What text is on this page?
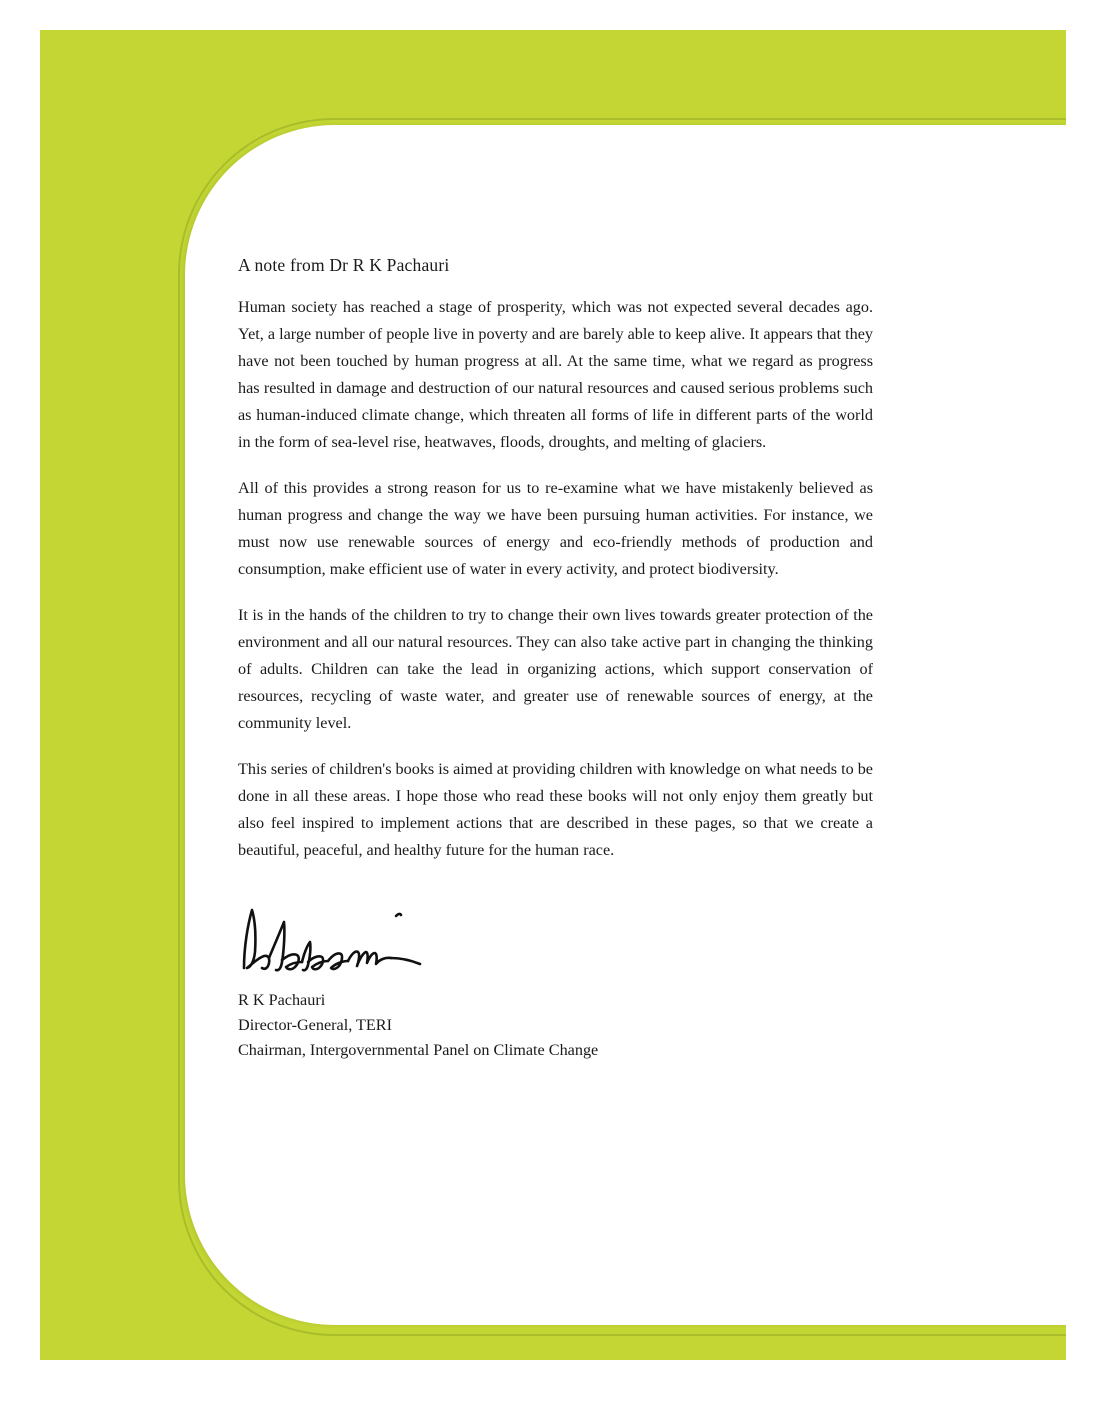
A note from Dr R K Pachauri

Human society has reached a stage of prosperity, which was not expected several decades ago. Yet, a large number of people live in poverty and are barely able to keep alive. It appears that they have not been touched by human progress at all. At the same time, what we regard as progress has resulted in damage and destruction of our natural resources and caused serious problems such as human-induced climate change, which threaten all forms of life in different parts of the world in the form of sea-level rise, heatwaves, floods, droughts, and melting of glaciers.

All of this provides a strong reason for us to re-examine what we have mistakenly believed as human progress and change the way we have been pursuing human activities. For instance, we must now use renewable sources of energy and eco-friendly methods of production and consumption, make efficient use of water in every activity, and protect biodiversity.

It is in the hands of the children to try to change their own lives towards greater protection of the environment and all our natural resources. They can also take active part in changing the thinking of adults. Children can take the lead in organizing actions, which support conservation of resources, recycling of waste water, and greater use of renewable sources of energy, at the community level.

This series of children's books is aimed at providing children with knowledge on what needs to be done in all these areas. I hope those who read these books will not only enjoy them greatly but also feel inspired to implement actions that are described in these pages, so that we create a beautiful, peaceful, and healthy future for the human race.

R K Pachauri
Director-General, TERI
Chairman, Intergovernmental Panel on Climate Change
